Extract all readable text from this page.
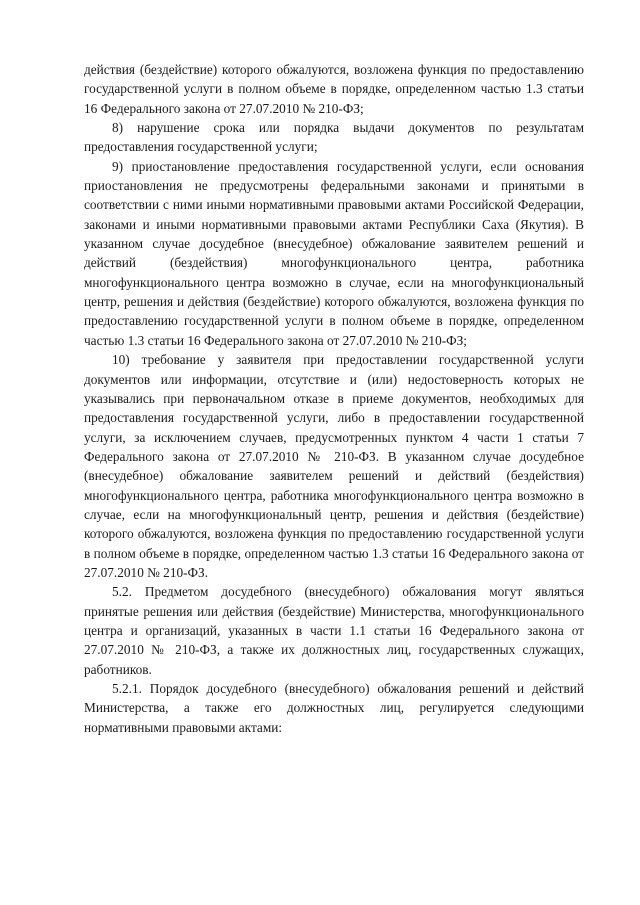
действия (бездействие) которого обжалуются, возложена функция по предоставлению государственной услуги в полном объеме в порядке, определенном частью 1.3 статьи 16 Федерального закона от 27.07.2010 № 210-ФЗ;

8) нарушение срока или порядка выдачи документов по результатам предоставления государственной услуги;

9) приостановление предоставления государственной услуги, если основания приостановления не предусмотрены федеральными законами и принятыми в соответствии с ними иными нормативными правовыми актами Российской Федерации, законами и иными нормативными правовыми актами Республики Саха (Якутия). В указанном случае досудебное (внесудебное) обжалование заявителем решений и действий (бездействия) многофункционального центра, работника многофункционального центра возможно в случае, если на многофункциональный центр, решения и действия (бездействие) которого обжалуются, возложена функция по предоставлению государственной услуги в полном объеме в порядке, определенном частью 1.3 статьи 16 Федерального закона от 27.07.2010 № 210-ФЗ;

10) требование у заявителя при предоставлении государственной услуги документов или информации, отсутствие и (или) недостоверность которых не указывались при первоначальном отказе в приеме документов, необходимых для предоставления государственной услуги, либо в предоставлении государственной услуги, за исключением случаев, предусмотренных пунктом 4 части 1 статьи 7 Федерального закона от 27.07.2010 № 210-ФЗ. В указанном случае досудебное (внесудебное) обжалование заявителем решений и действий (бездействия) многофункционального центра, работника многофункционального центра возможно в случае, если на многофункциональный центр, решения и действия (бездействие) которого обжалуются, возложена функция по предоставлению государственной услуги в полном объеме в порядке, определенном частью 1.3 статьи 16 Федерального закона от 27.07.2010 № 210-ФЗ.

5.2. Предметом досудебного (внесудебного) обжалования могут являться принятые решения или действия (бездействие) Министерства, многофункционального центра и организаций, указанных в части 1.1 статьи 16 Федерального закона от 27.07.2010 № 210-ФЗ, а также их должностных лиц, государственных служащих, работников.

5.2.1. Порядок досудебного (внесудебного) обжалования решений и действий Министерства, а также его должностных лиц, регулируется следующими нормативными правовыми актами:
